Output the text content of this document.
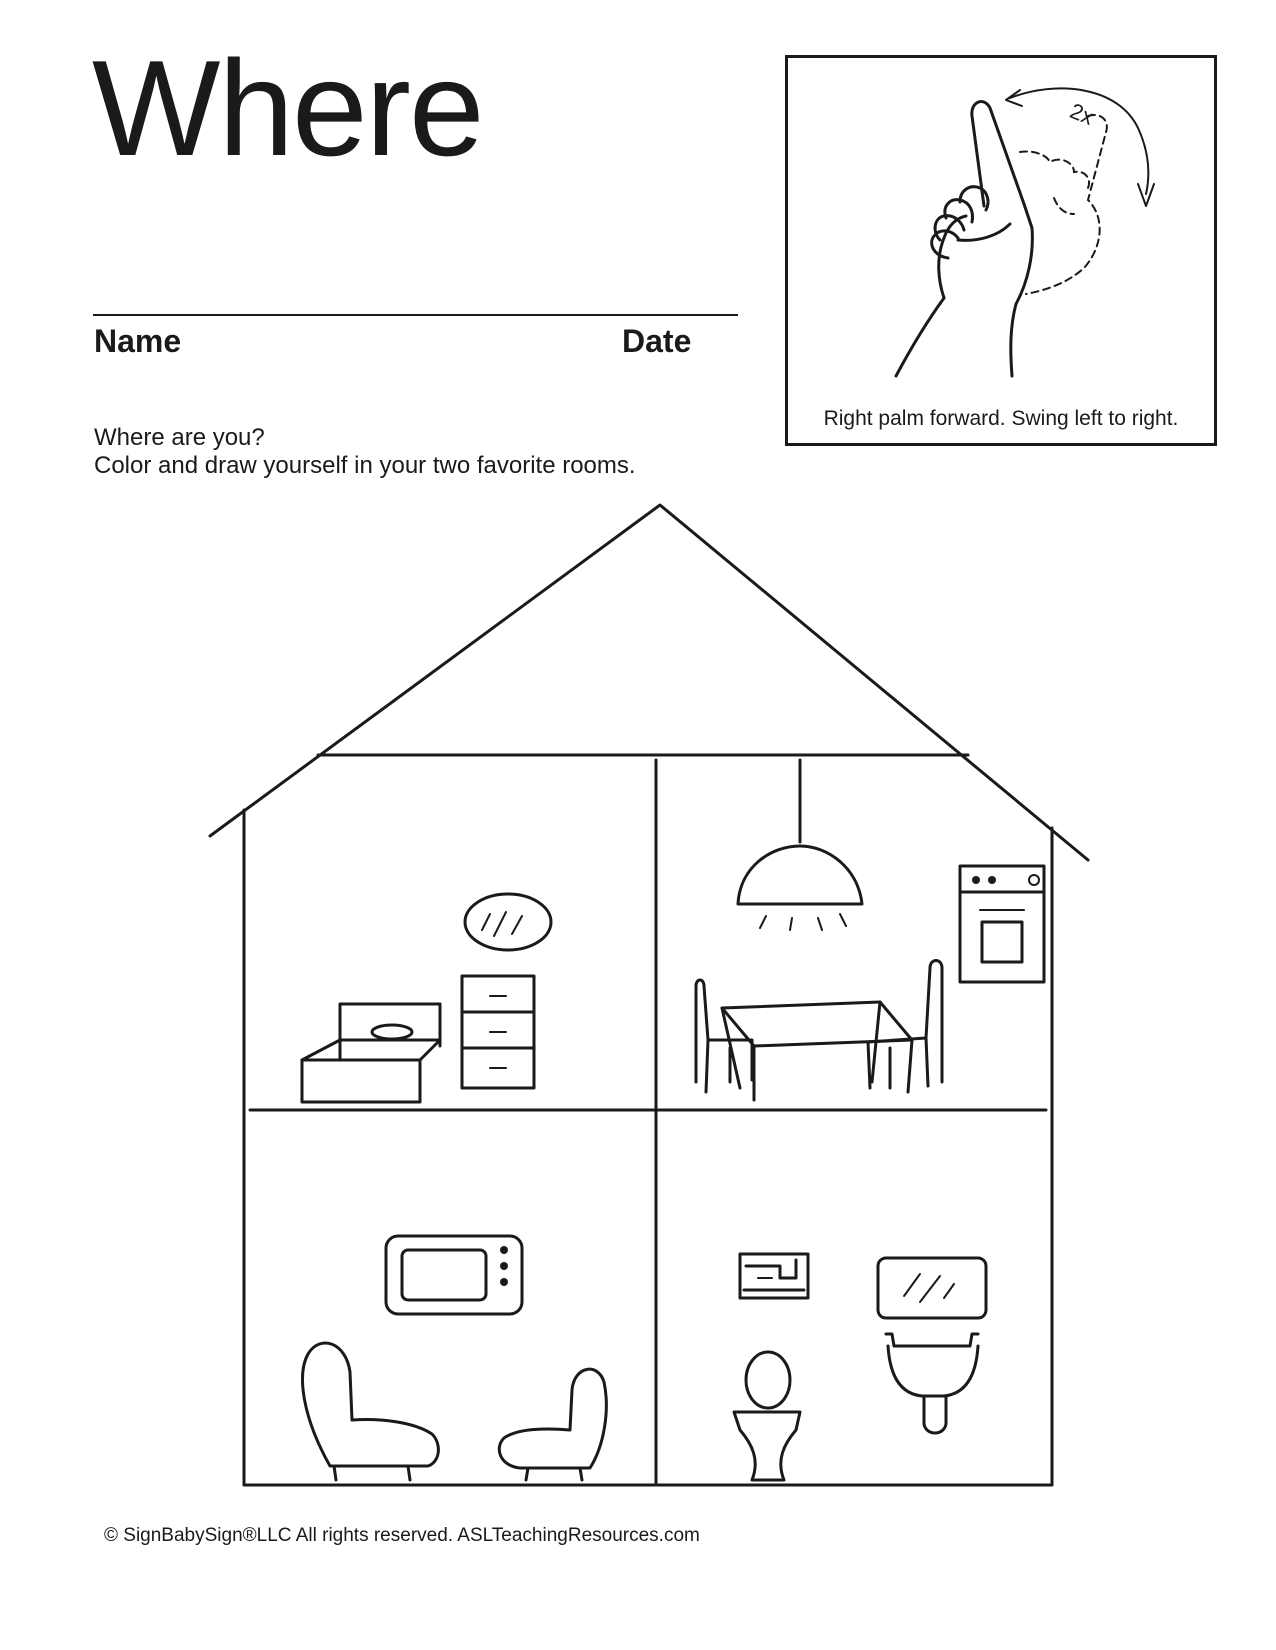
Where
Name	Date
Where are you?
Color and draw yourself in your two favorite rooms.
2x
Right palm forward. Swing left to right.
© SignBabySign®LLC All rights reserved. ASLTeachingResources.com
